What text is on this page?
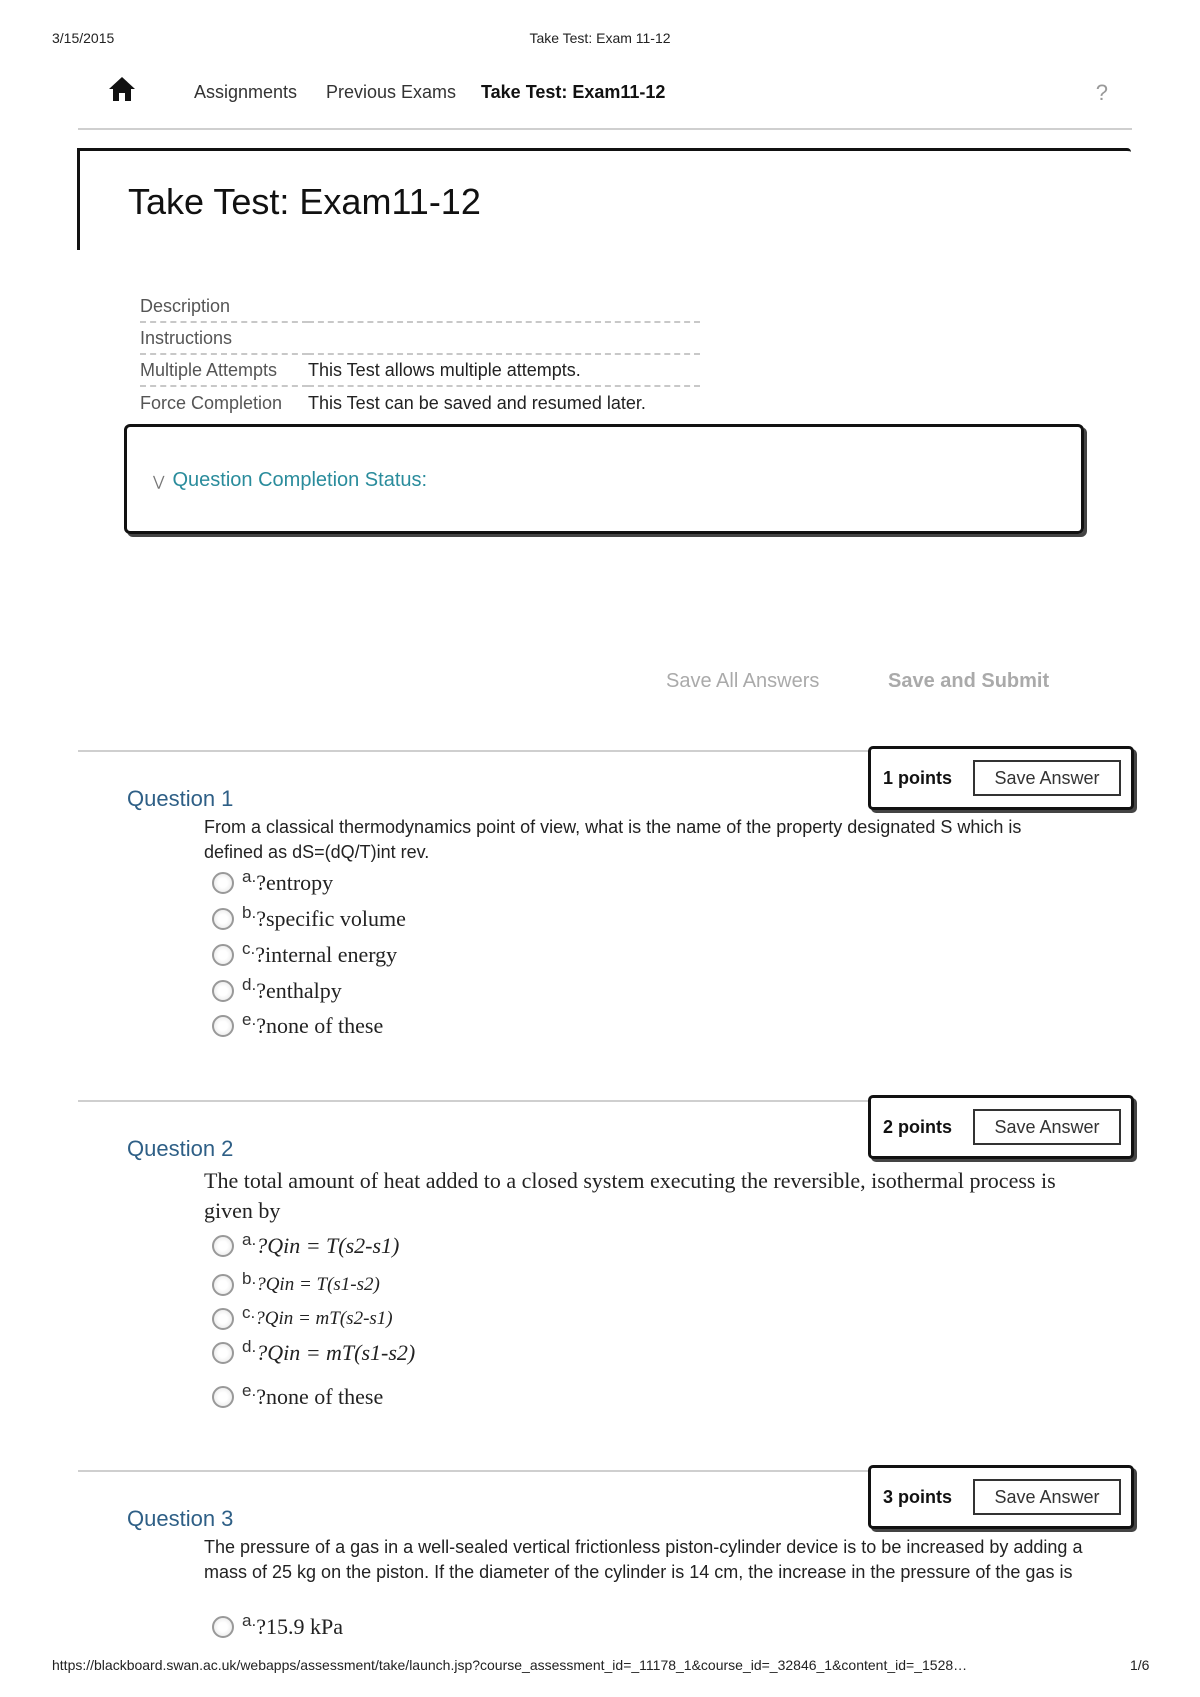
3/15/2015	Take Test: Exam 11-12
Assignments Previous Exams Take Test: Exam11-12	?
Take Test: Exam11-12
Description	
Instructions	
Multiple Attempts	This Test allows multiple attempts.
Force Completion	This Test can be saved and resumed later.
⋁ Question Completion Status:
Save All Answers	Save and Submit
1 points	Save Answer
Question 1
From a classical thermodynamics point of view, what is the name of the property designated S which is defined as dS=(dQ/T)int rev.
a. ?entropy
b. ?specific volume
c. ?internal energy
d. ?enthalpy
e. ?none of these
2 points	Save Answer
Question 2
The total amount of heat added to a closed system executing the reversible, isothermal process is given by
a. ?Qin = T(s2-s1)
b. ?Qin = T(s1-s2)
c. ?Qin = mT(s2-s1)
d. ?Qin = mT(s1-s2)
e. ?none of these
3 points	Save Answer
Question 3
The pressure of a gas in a well-sealed vertical frictionless piston-cylinder device is to be increased by adding a mass of 25 kg on the piston. If the diameter of the cylinder is 14 cm, the increase in the pressure of the gas is
a. ?15.9 kPa
https://blackboard.swan.ac.uk/webapps/assessment/take/launch.jsp?course_assessment_id=_11178_1&course_id=_32846_1&content_id=_1528…	1/6
